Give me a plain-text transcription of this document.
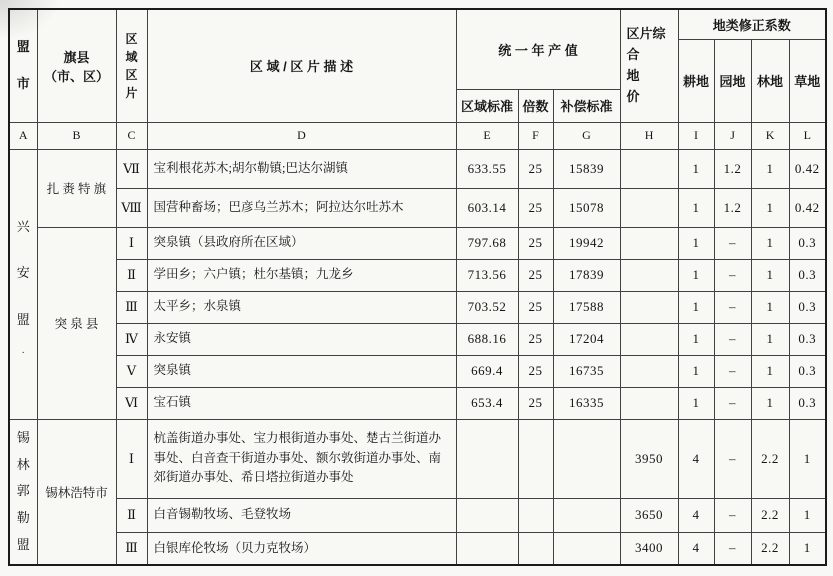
盟市

旗县
（市、区）

区域区片
	区 域 / 区 片 描 述	统 一 年 产 值	
区片综合
地　　价
	地类修正系数
								耕地	园地	林地	草地
				区域标准	倍数	补偿标准					
A	B	C	D	E	F	G	H	I	J	K	L

兴安盟
·	扎 赉 特 旗	Ⅶ	宝利根花苏木;胡尔勒镇;巴达尔湖镇	633.55	25	15839		1	1.2	1	0.42
		Ⅷ	国营种畜场；巴彦乌兰苏木；阿拉达尔吐苏木	603.14	25	15078		1	1.2	1	0.42
	突 泉 县	Ⅰ	突泉镇（县政府所在区域）	797.68	25	19942		1	–	1	0.3
		Ⅱ	学田乡；六户镇；杜尔基镇；九龙乡	713.56	25	17839		1	–	1	0.3
		Ⅲ	太平乡；水泉镇	703.52	25	17588		1	–	1	0.3
		Ⅳ	永安镇	688.16	25	17204		1	–	1	0.3
		Ⅴ	突泉镇	669.4	25	16735		1	–	1	0.3
		Ⅵ	宝石镇	653.4	25	16335		1	–	1	0.3

锡林郭勒盟	锡林浩特市	Ⅰ	杭盖街道办事处、宝力根街道办事处、楚古兰街道办事处、白音查干街道办事处、额尔敦街道办事处、南郊街道办事处、希日塔拉街道办事处				3950	4	–	2.2	1
		Ⅱ	白音锡勒牧场、毛登牧场				3650	4	–	2.2	1
		Ⅲ	白银库伦牧场（贝力克牧场）				3400	4	–	2.2	1
